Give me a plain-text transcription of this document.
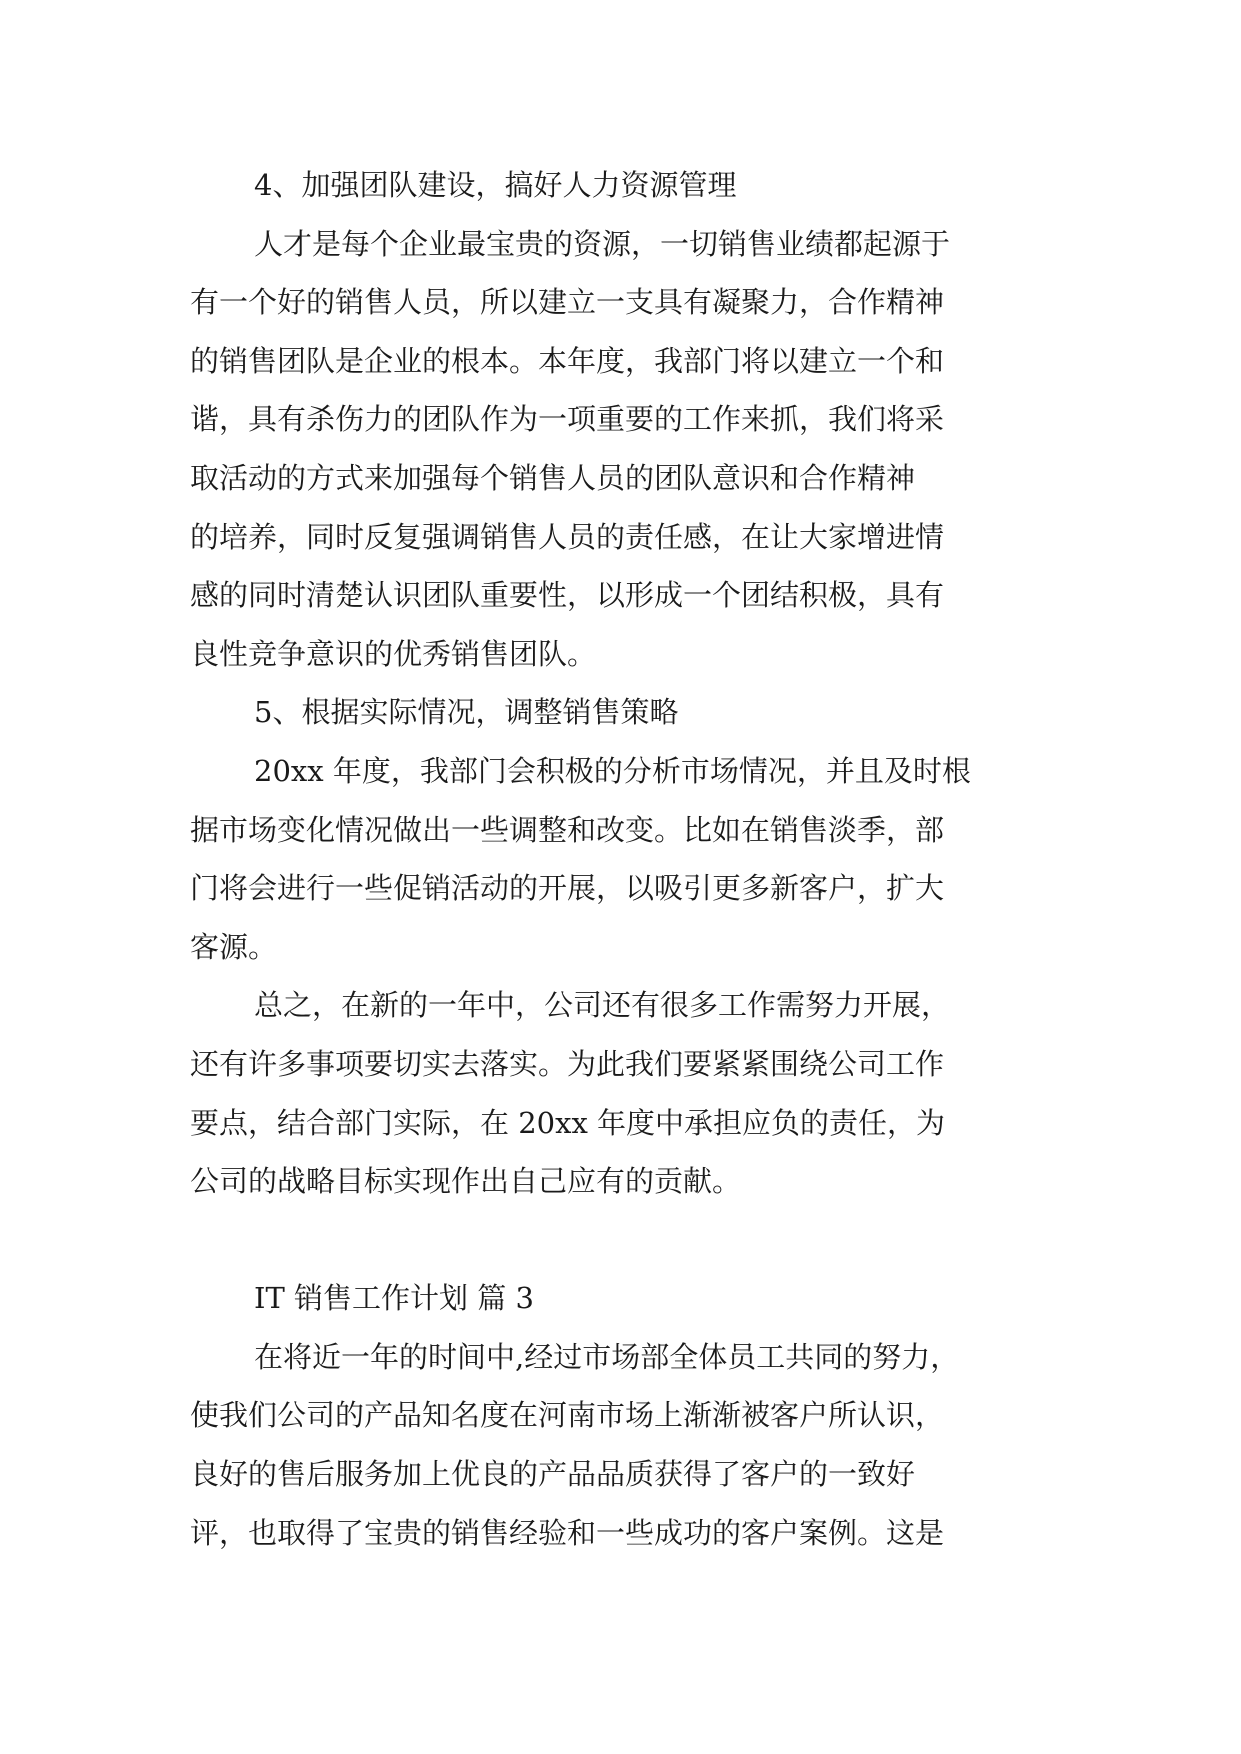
4、加强团队建设，搞好人力资源管理
人才是每个企业最宝贵的资源，一切销售业绩都起源于
有一个好的销售人员，所以建立一支具有凝聚力，合作精神
的销售团队是企业的根本。本年度，我部门将以建立一个和
谐，具有杀伤力的团队作为一项重要的工作来抓，我们将采
取活动的方式来加强每个销售人员的团队意识和合作精神
的培养，同时反复强调销售人员的责任感，在让大家增进情
感的同时清楚认识团队重要性，以形成一个团结积极，具有
良性竞争意识的优秀销售团队。
5、根据实际情况，调整销售策略
20xx 年度，我部门会积极的分析市场情况，并且及时根
据市场变化情况做出一些调整和改变。比如在销售淡季，部
门将会进行一些促销活动的开展，以吸引更多新客户，扩大
客源。
总之，在新的一年中，公司还有很多工作需努力开展，
还有许多事项要切实去落实。为此我们要紧紧围绕公司工作
要点，结合部门实际，在 20xx 年度中承担应负的责任，为
公司的战略目标实现作出自己应有的贡献。
IT 销售工作计划 篇 3
在将近一年的时间中,经过市场部全体员工共同的努力，
使我们公司的产品知名度在河南市场上渐渐被客户所认识，
良好的售后服务加上优良的产品品质获得了客户的一致好
评，也取得了宝贵的销售经验和一些成功的客户案例。这是
